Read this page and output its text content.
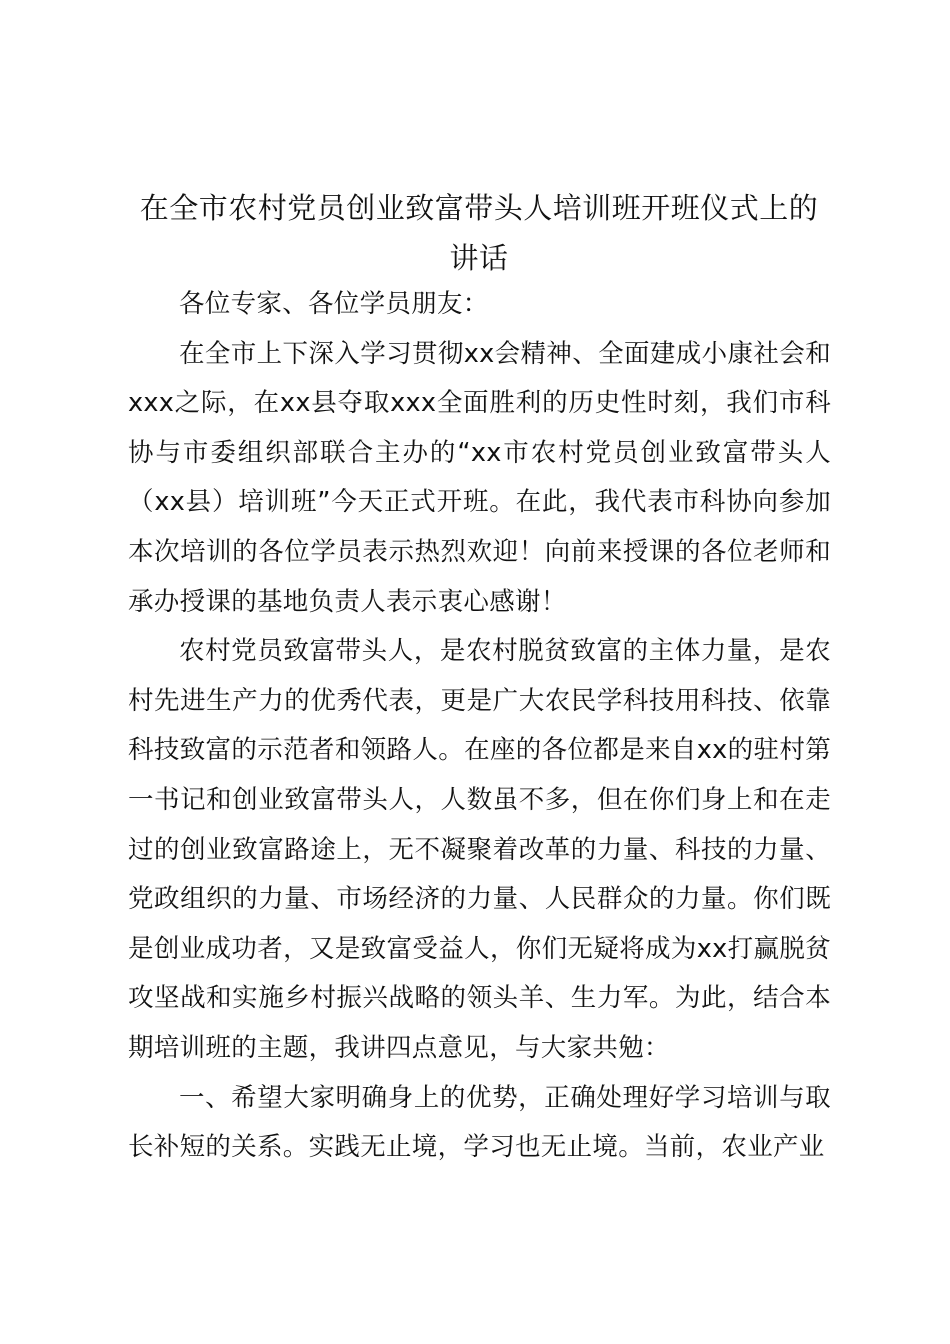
在全市农村党员创业致富带头人培训班开班仪式上的讲话

各位专家、各位学员朋友：

在全市上下深入学习贯彻xx会精神、全面建成小康社会和xxx之际，在xx县夺取xxx全面胜利的历史性时刻，我们市科协与市委组织部联合主办的“xx市农村党员创业致富带头人（xx县）培训班”今天正式开班。在此，我代表市科协向参加本次培训的各位学员表示热烈欢迎！向前来授课的各位老师和承办授课的基地负责人表示衷心感谢！

农村党员致富带头人，是农村脱贫致富的主体力量，是农村先进生产力的优秀代表，更是广大农民学科技用科技、依靠科技致富的示范者和领路人。在座的各位都是来自xx的驻村第一书记和创业致富带头人，人数虽不多，但在你们身上和在走过的创业致富路途上，无不凝聚着改革的力量、科技的力量、党政组织的力量、市场经济的力量、人民群众的力量。你们既是创业成功者，又是致富受益人，你们无疑将成为xx打赢脱贫攻坚战和实施乡村振兴战略的领头羊、生力军。为此，结合本期培训班的主题，我讲四点意见，与大家共勉：

一、希望大家明确身上的优势，正确处理好学习培训与取长补短的关系。实践无止境，学习也无止境。当前，农业产业
